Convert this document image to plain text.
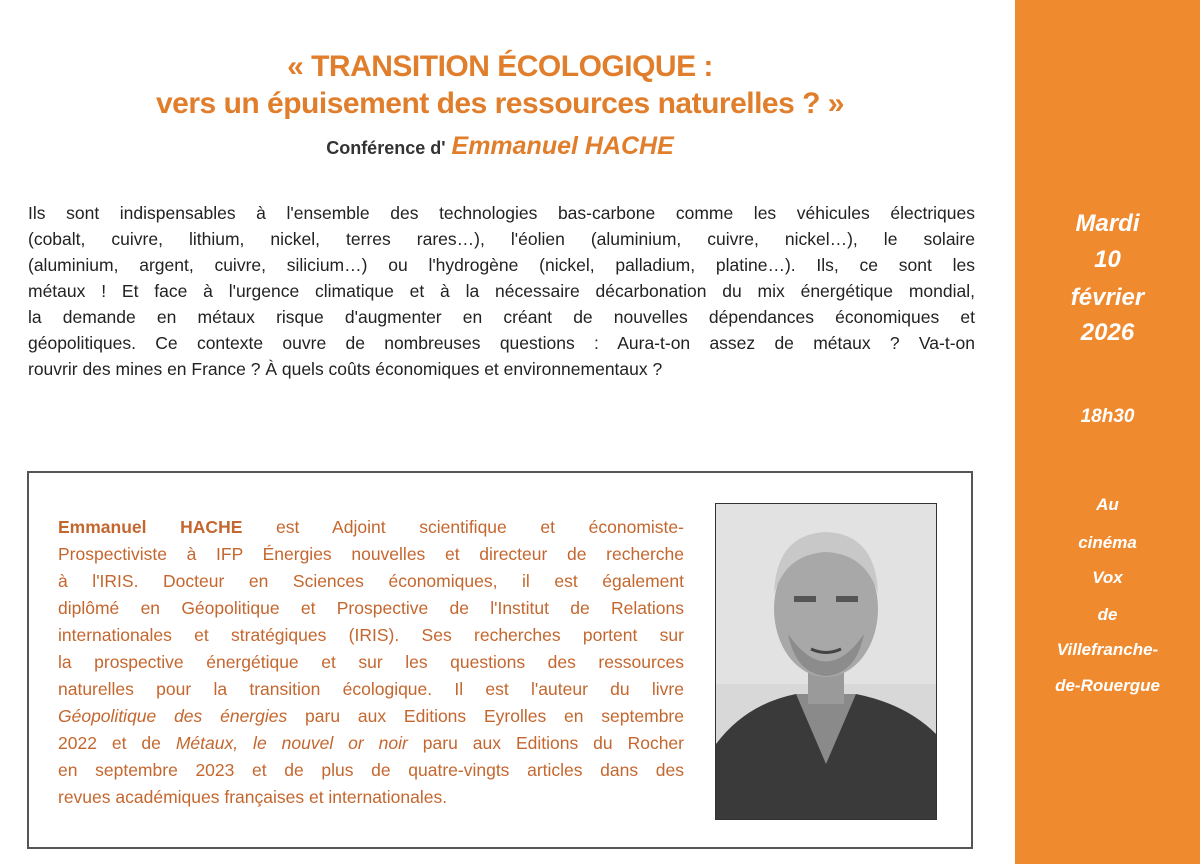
« TRANSITION ÉCOLOGIQUE :
vers un épuisement des ressources naturelles ? »
Conférence d' Emmanuel HACHE
Ils sont indispensables à l'ensemble des technologies bas-carbone comme les véhicules électriques
(cobalt, cuivre, lithium, nickel, terres rares…), l'éolien (aluminium, cuivre, nickel…), le solaire
(aluminium, argent, cuivre, silicium…) ou l'hydrogène (nickel, palladium, platine…). Ils, ce sont les
métaux ! Et face à l'urgence climatique et à la nécessaire décarbonation du mix énergétique mondial,
la demande en métaux risque d'augmenter en créant de nouvelles dépendances économiques et
géopolitiques. Ce contexte ouvre de nombreuses questions : Aura-t-on assez de métaux ? Va-t-on
rouvrir des mines en France ? À quels coûts économiques et environnementaux ?
Emmanuel HACHE est Adjoint scientifique et économiste-
Prospectiviste à IFP Énergies nouvelles et directeur de recherche
à l'IRIS. Docteur en Sciences économiques, il est également
diplômé en Géopolitique et Prospective de l'Institut de Relations
internationales et stratégiques (IRIS). Ses recherches portent sur
la prospective énergétique et sur les questions des ressources
naturelles pour la transition écologique. Il est l'auteur du livre
Géopolitique des énergies paru aux Editions Eyrolles en septembre
2022 et de Métaux, le nouvel or noir paru aux Editions du Rocher
en septembre 2023 et de plus de quatre-vingts articles dans des
revues académiques françaises et internationales.
Mardi
10
février
2026
18h30
Au
cinéma
Vox
de
Villefranche-
de-Rouergue
